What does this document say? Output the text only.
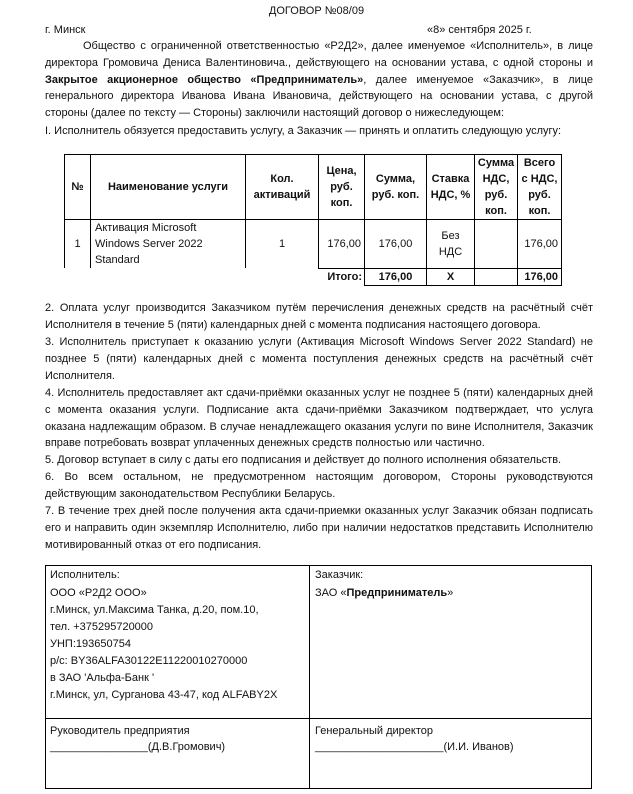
ДОГОВОР №08/09
г. Минск	«8» сентября 2025 г.
Общество с ограниченной ответственностью «Р2Д2», далее именуемое «Исполнитель», в лице директора Громовича Дениса Валентиновича., действующего на основании устава, с одной стороны и Закрытое акционерное общество «Предприниматель», далее именуемое «Заказчик», в лице генерального директора Иванова Ивана Ивановича, действующего на основании устава, с другой стороны (далее по тексту — Стороны) заключили настоящий договор о нижеследующем:
I. Исполнитель обязуется предоставить услугу, а Заказчик — принять и оплатить следующую услугу:
№	Наименование услуги	Кол. активаций	Цена, руб. коп.	Сумма, руб. коп.	Ставка НДС, %	Сумма НДС, руб. коп.	Всего с НДС, руб. коп.
1	Активация Microsoft Windows Server 2022 Standard	1	176,00	176,00	Без НДС		176,00
			Итого:	176,00	X		176,00
2. Оплата услуг производится Заказчиком путём перечисления денежных средств на расчётный счёт Исполнителя в течение 5 (пяти) календарных дней с момента подписания настоящего договора.
3. Исполнитель приступает к оказанию услуги (Активация Microsoft Windows Server 2022 Standard) не позднее 5 (пяти) календарных дней с момента поступления денежных средств на расчётный счёт Исполнителя.
4. Исполнитель предоставляет акт сдачи-приёмки оказанных услуг не позднее 5 (пяти) календарных дней с момента оказания услуги. Подписание акта сдачи-приёмки Заказчиком подтверждает, что услуга оказана надлежащим образом. В случае ненадлежащего оказания услуги по вине Исполнителя, Заказчик вправе потребовать возврат уплаченных денежных средств полностью или частично.
5. Договор вступает в силу с даты его подписания и действует до полного исполнения обязательств.
6. Во всем остальном, не предусмотренном настоящим договором, Стороны руководствуются действующим законодательством Республики Беларусь.
7. В течение трех дней после получения акта сдачи-приемки оказанных услуг Заказчик обязан подписать его и направить один экземпляр Исполнителю, либо при наличии недостатков представить Исполнителю мотивированный отказ от его подписания.
Исполнитель:
ООО «Р2Д2 ООО»
г.Минск, ул.Максима Танка, д.20, пом.10,
тел. +375295720000
УНП:193650754
р/с: BY36ALFA30122E11220010270000
в ЗАО 'Альфа-Банк '
г.Минск, ул, Сурганова 43-47, код ALFABY2X
Заказчик:
ЗАО «Предприниматель»
Руководитель предприятия
________________(Д.В.Громович)
Генеральный директор
_____________________(И.И. Иванов)
